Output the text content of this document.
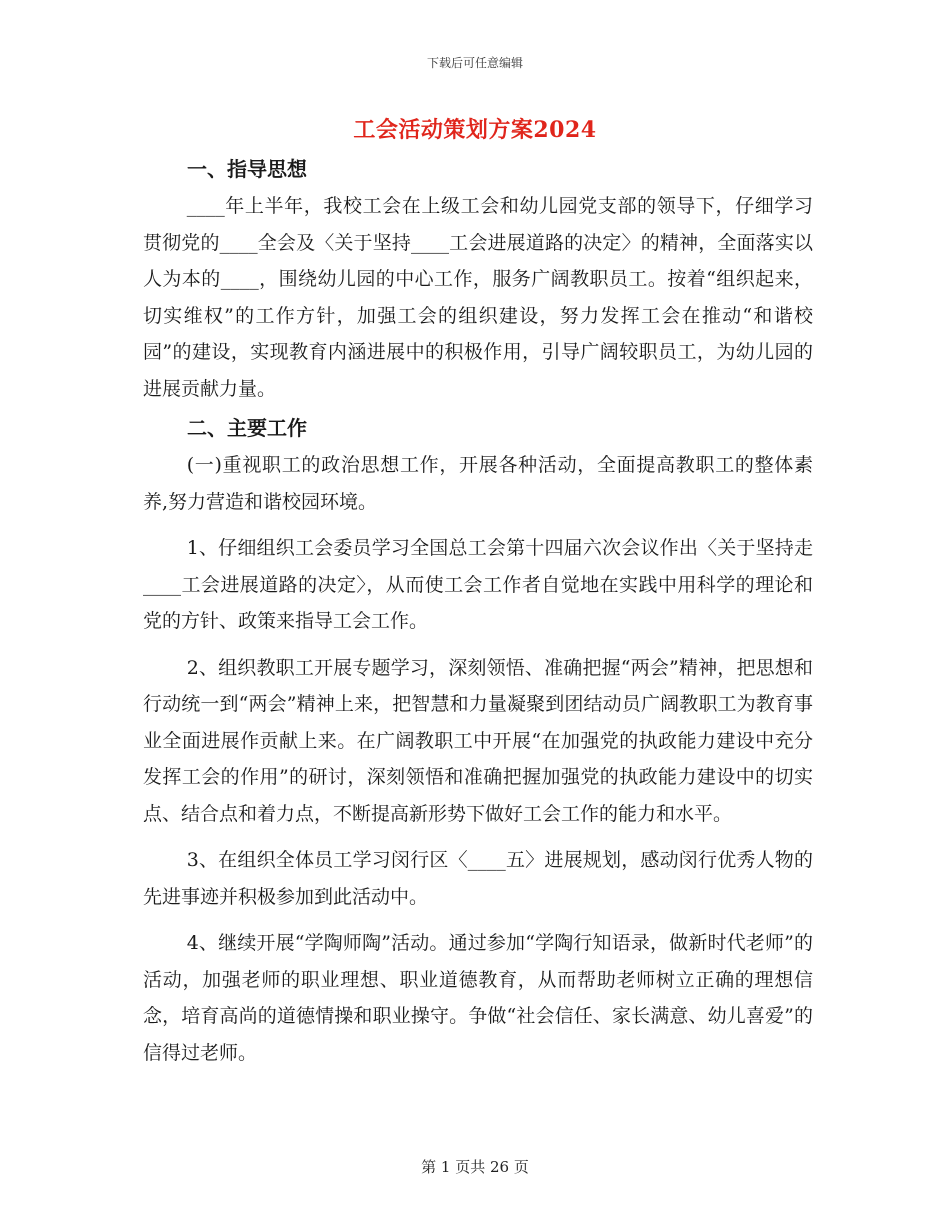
下载后可任意编辑
工会活动策划方案2024

一、指导思想

____年上半年，我校工会在上级工会和幼儿园党支部的领导下，仔细学习贯彻党的____全会及〈关于坚持____工会进展道路的决定〉的精神，全面落实以人为本的____，围绕幼儿园的中心工作，服务广阔教职员工。按着“组织起来，切实维权”的工作方针，加强工会的组织建设，努力发挥工会在推动“和谐校园”的建设，实现教育内涵进展中的积极作用，引导广阔较职员工，为幼儿园的进展贡献力量。

二、主要工作

(一)重视职工的政治思想工作，开展各种活动，全面提高教职工的整体素养,努力营造和谐校园环境。

1、仔细组织工会委员学习全国总工会第十四届六次会议作出〈关于坚持走____工会进展道路的决定〉，从而使工会工作者自觉地在实践中用科学的理论和党的方针、政策来指导工会工作。

2、组织教职工开展专题学习，深刻领悟、准确把握“两会”精神，把思想和行动统一到“两会”精神上来，把智慧和力量凝聚到团结动员广阔教职工为教育事业全面进展作贡献上来。在广阔教职工中开展“在加强党的执政能力建设中充分发挥工会的作用”的研讨，深刻领悟和准确把握加强党的执政能力建设中的切实点、结合点和着力点，不断提高新形势下做好工会工作的能力和水平。

3、在组织全体员工学习闵行区〈____五〉进展规划，感动闵行优秀人物的先进事迹并积极参加到此活动中。

4、继续开展“学陶师陶”活动。通过参加“学陶行知语录，做新时代老师”的活动，加强老师的职业理想、职业道德教育，从而帮助老师树立正确的理想信念，培育高尚的道德情操和职业操守。争做“社会信任、家长满意、幼儿喜爱”的信得过老师。

第 1 页共 26 页
